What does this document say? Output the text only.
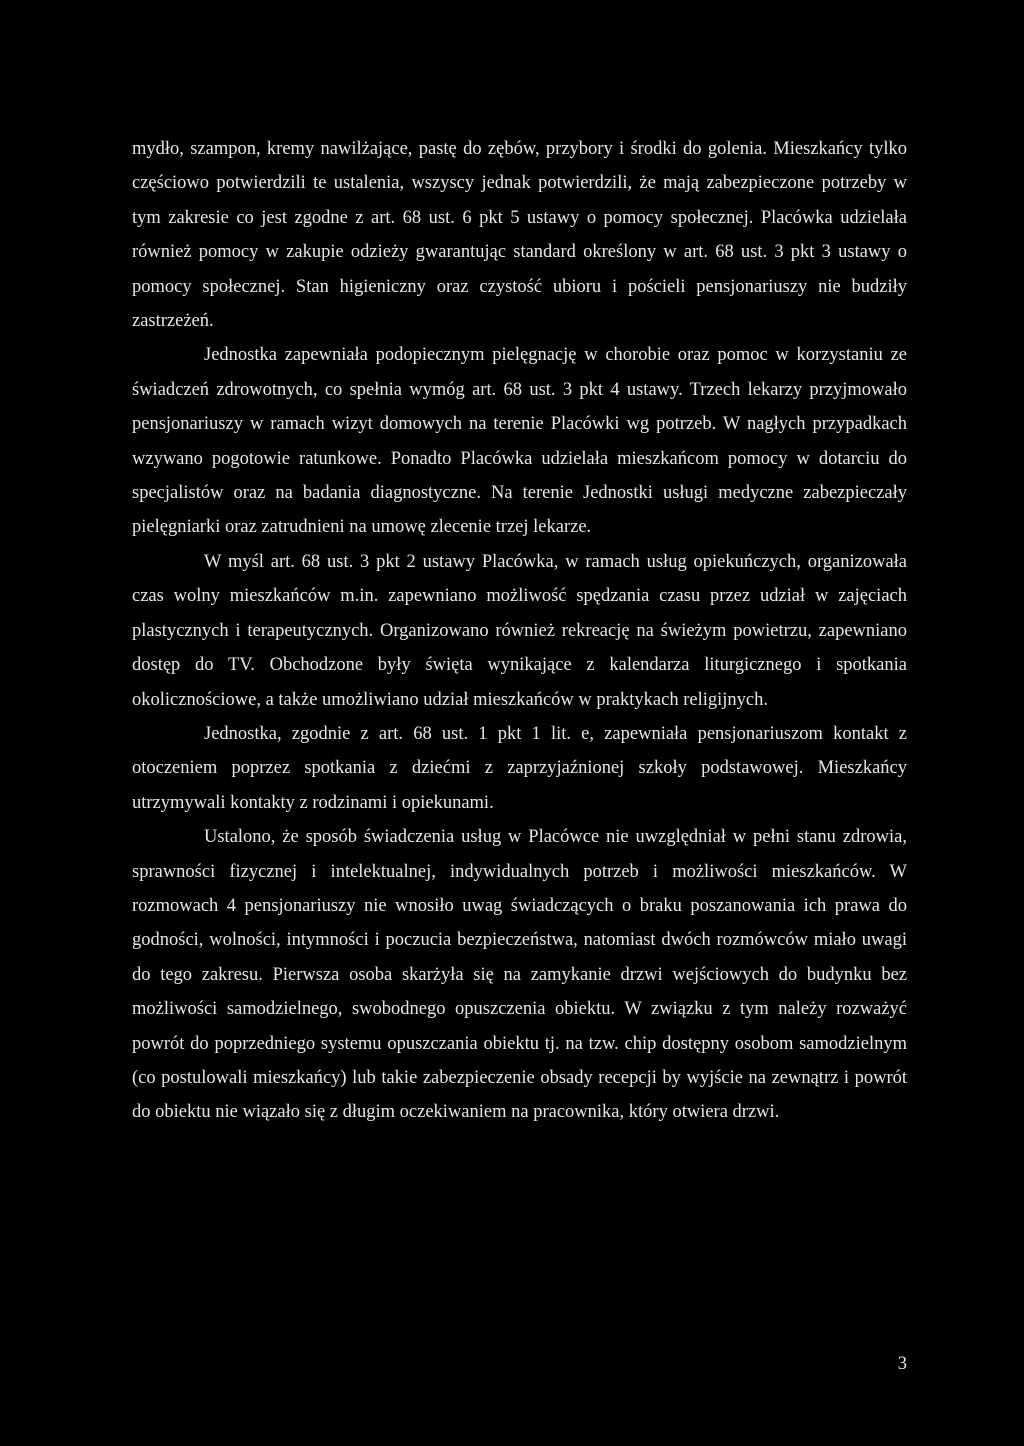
mydło, szampon, kremy nawilżające, pastę do zębów, przybory i środki do golenia. Mieszkańcy tylko częściowo potwierdzili te ustalenia, wszyscy jednak potwierdzili, że mają zabezpieczone potrzeby w tym zakresie co jest zgodne z art. 68 ust. 6 pkt 5 ustawy o pomocy społecznej. Placówka udzielała również pomocy w zakupie odzieży gwarantując standard określony w art. 68 ust. 3 pkt 3 ustawy o pomocy społecznej. Stan higieniczny oraz czystość ubioru i pościeli pensjonariuszy nie budziły zastrzeżeń.

Jednostka zapewniała podopiecznym pielęgnację w chorobie oraz pomoc w korzystaniu ze świadczeń zdrowotnych, co spełnia wymóg art. 68 ust. 3 pkt 4 ustawy. Trzech lekarzy przyjmowało pensjonariuszy w ramach wizyt domowych na terenie Placówki wg potrzeb. W nagłych przypadkach wzywano pogotowie ratunkowe. Ponadto Placówka udzielała mieszkańcom pomocy w dotarciu do specjalistów oraz na badania diagnostyczne. Na terenie Jednostki usługi medyczne zabezpieczały pielęgniarki oraz zatrudnieni na umowę zlecenie trzej lekarze.

W myśl art. 68 ust. 3 pkt 2 ustawy Placówka, w ramach usług opiekuńczych, organizowała czas wolny mieszkańców m.in. zapewniano możliwość spędzania czasu przez udział w zajęciach plastycznych i terapeutycznych. Organizowano również rekreację na świeżym powietrzu, zapewniano dostęp do TV. Obchodzone były święta wynikające z kalendarza liturgicznego i spotkania okolicznościowe, a także umożliwiano udział mieszkańców w praktykach religijnych.

Jednostka, zgodnie z art. 68 ust. 1 pkt 1 lit. e, zapewniała pensjonariuszom kontakt z otoczeniem poprzez spotkania z dziećmi z zaprzyjaźnionej szkoły podstawowej. Mieszkańcy utrzymywali kontakty z rodzinami i opiekunami.

Ustalono, że sposób świadczenia usług w Placówce nie uwzględniał w pełni stanu zdrowia, sprawności fizycznej i intelektualnej, indywidualnych potrzeb i możliwości mieszkańców. W rozmowach 4 pensjonariuszy nie wnosiło uwag świadczących o braku poszanowania ich prawa do godności, wolności, intymności i poczucia bezpieczeństwa, natomiast dwóch rozmówców miało uwagi do tego zakresu. Pierwsza osoba skarżyła się na zamykanie drzwi wejściowych do budynku bez możliwości samodzielnego, swobodnego opuszczenia obiektu. W związku z tym należy rozważyć powrót do poprzedniego systemu opuszczania obiektu tj. na tzw. chip dostępny osobom samodzielnym (co postulowali mieszkańcy) lub takie zabezpieczenie obsady recepcji by wyjście na zewnątrz i powrót do obiektu nie wiązało się z długim oczekiwaniem na pracownika, który otwiera drzwi.

3
